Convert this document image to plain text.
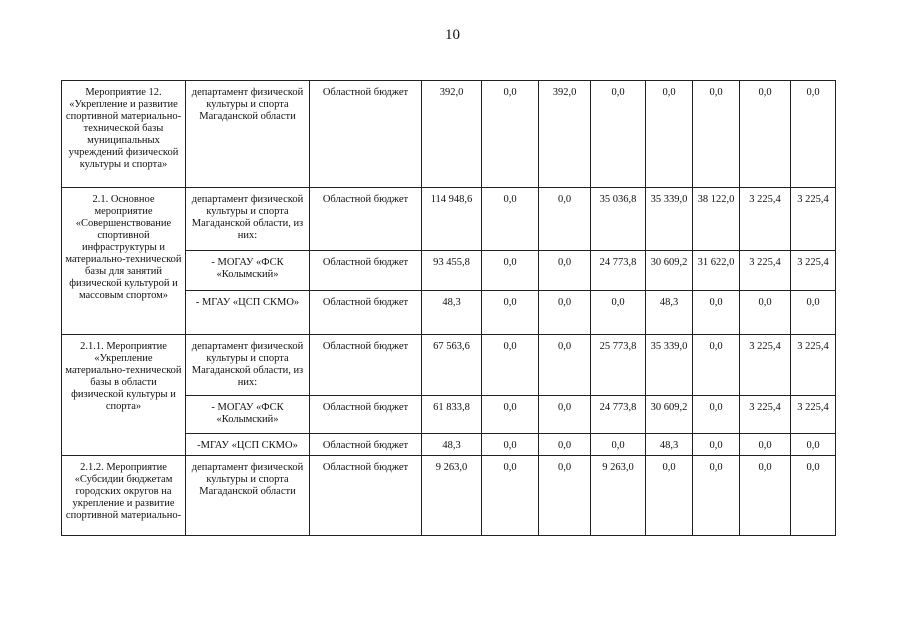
10
Мероприятие 12. «Укрепление и развитие спортивной материально-технической базы муниципальных учреждений физической культуры и спорта»	департамент физической культуры и спорта Магаданской области	Областной бюджет	392,0	0,0	392,0	0,0	0,0	0,0	0,0	0,0
2.1. Основное мероприятие «Совершенствование спортивной инфраструктуры и материально-технической базы для занятий физической культурой и массовым спортом»	департамент физической культуры и спорта Магаданской области, из них:	Областной бюджет	114 948,6	0,0	0,0	35 036,8	35 339,0	38 122,0	3 225,4	3 225,4
	- МОГАУ «ФСК «Колымский»	Областной бюджет	93 455,8	0,0	0,0	24 773,8	30 609,2	31 622,0	3 225,4	3 225,4
	- МГАУ «ЦСП СКМО»	Областной бюджет	48,3	0,0	0,0	0,0	48,3	0,0	0,0	0,0
2.1.1. Мероприятие «Укрепление материально-технической базы в области физической культуры и спорта»	департамент физической культуры и спорта Магаданской области, из них:	Областной бюджет	67 563,6	0,0	0,0	25 773,8	35 339,0	0,0	3 225,4	3 225,4
	- МОГАУ «ФСК «Колымский»	Областной бюджет	61 833,8	0,0	0,0	24 773,8	30 609,2	0,0	3 225,4	3 225,4
	-МГАУ «ЦСП СКМО»	Областной бюджет	48,3	0,0	0,0	0,0	48,3	0,0	0,0	0,0
2.1.2. Мероприятие «Субсидии бюджетам городских округов на укрепление и развитие спортивной материально-	департамент физической культуры и спорта Магаданской области	Областной бюджет	9 263,0	0,0	0,0	9 263,0	0,0	0,0	0,0	0,0
